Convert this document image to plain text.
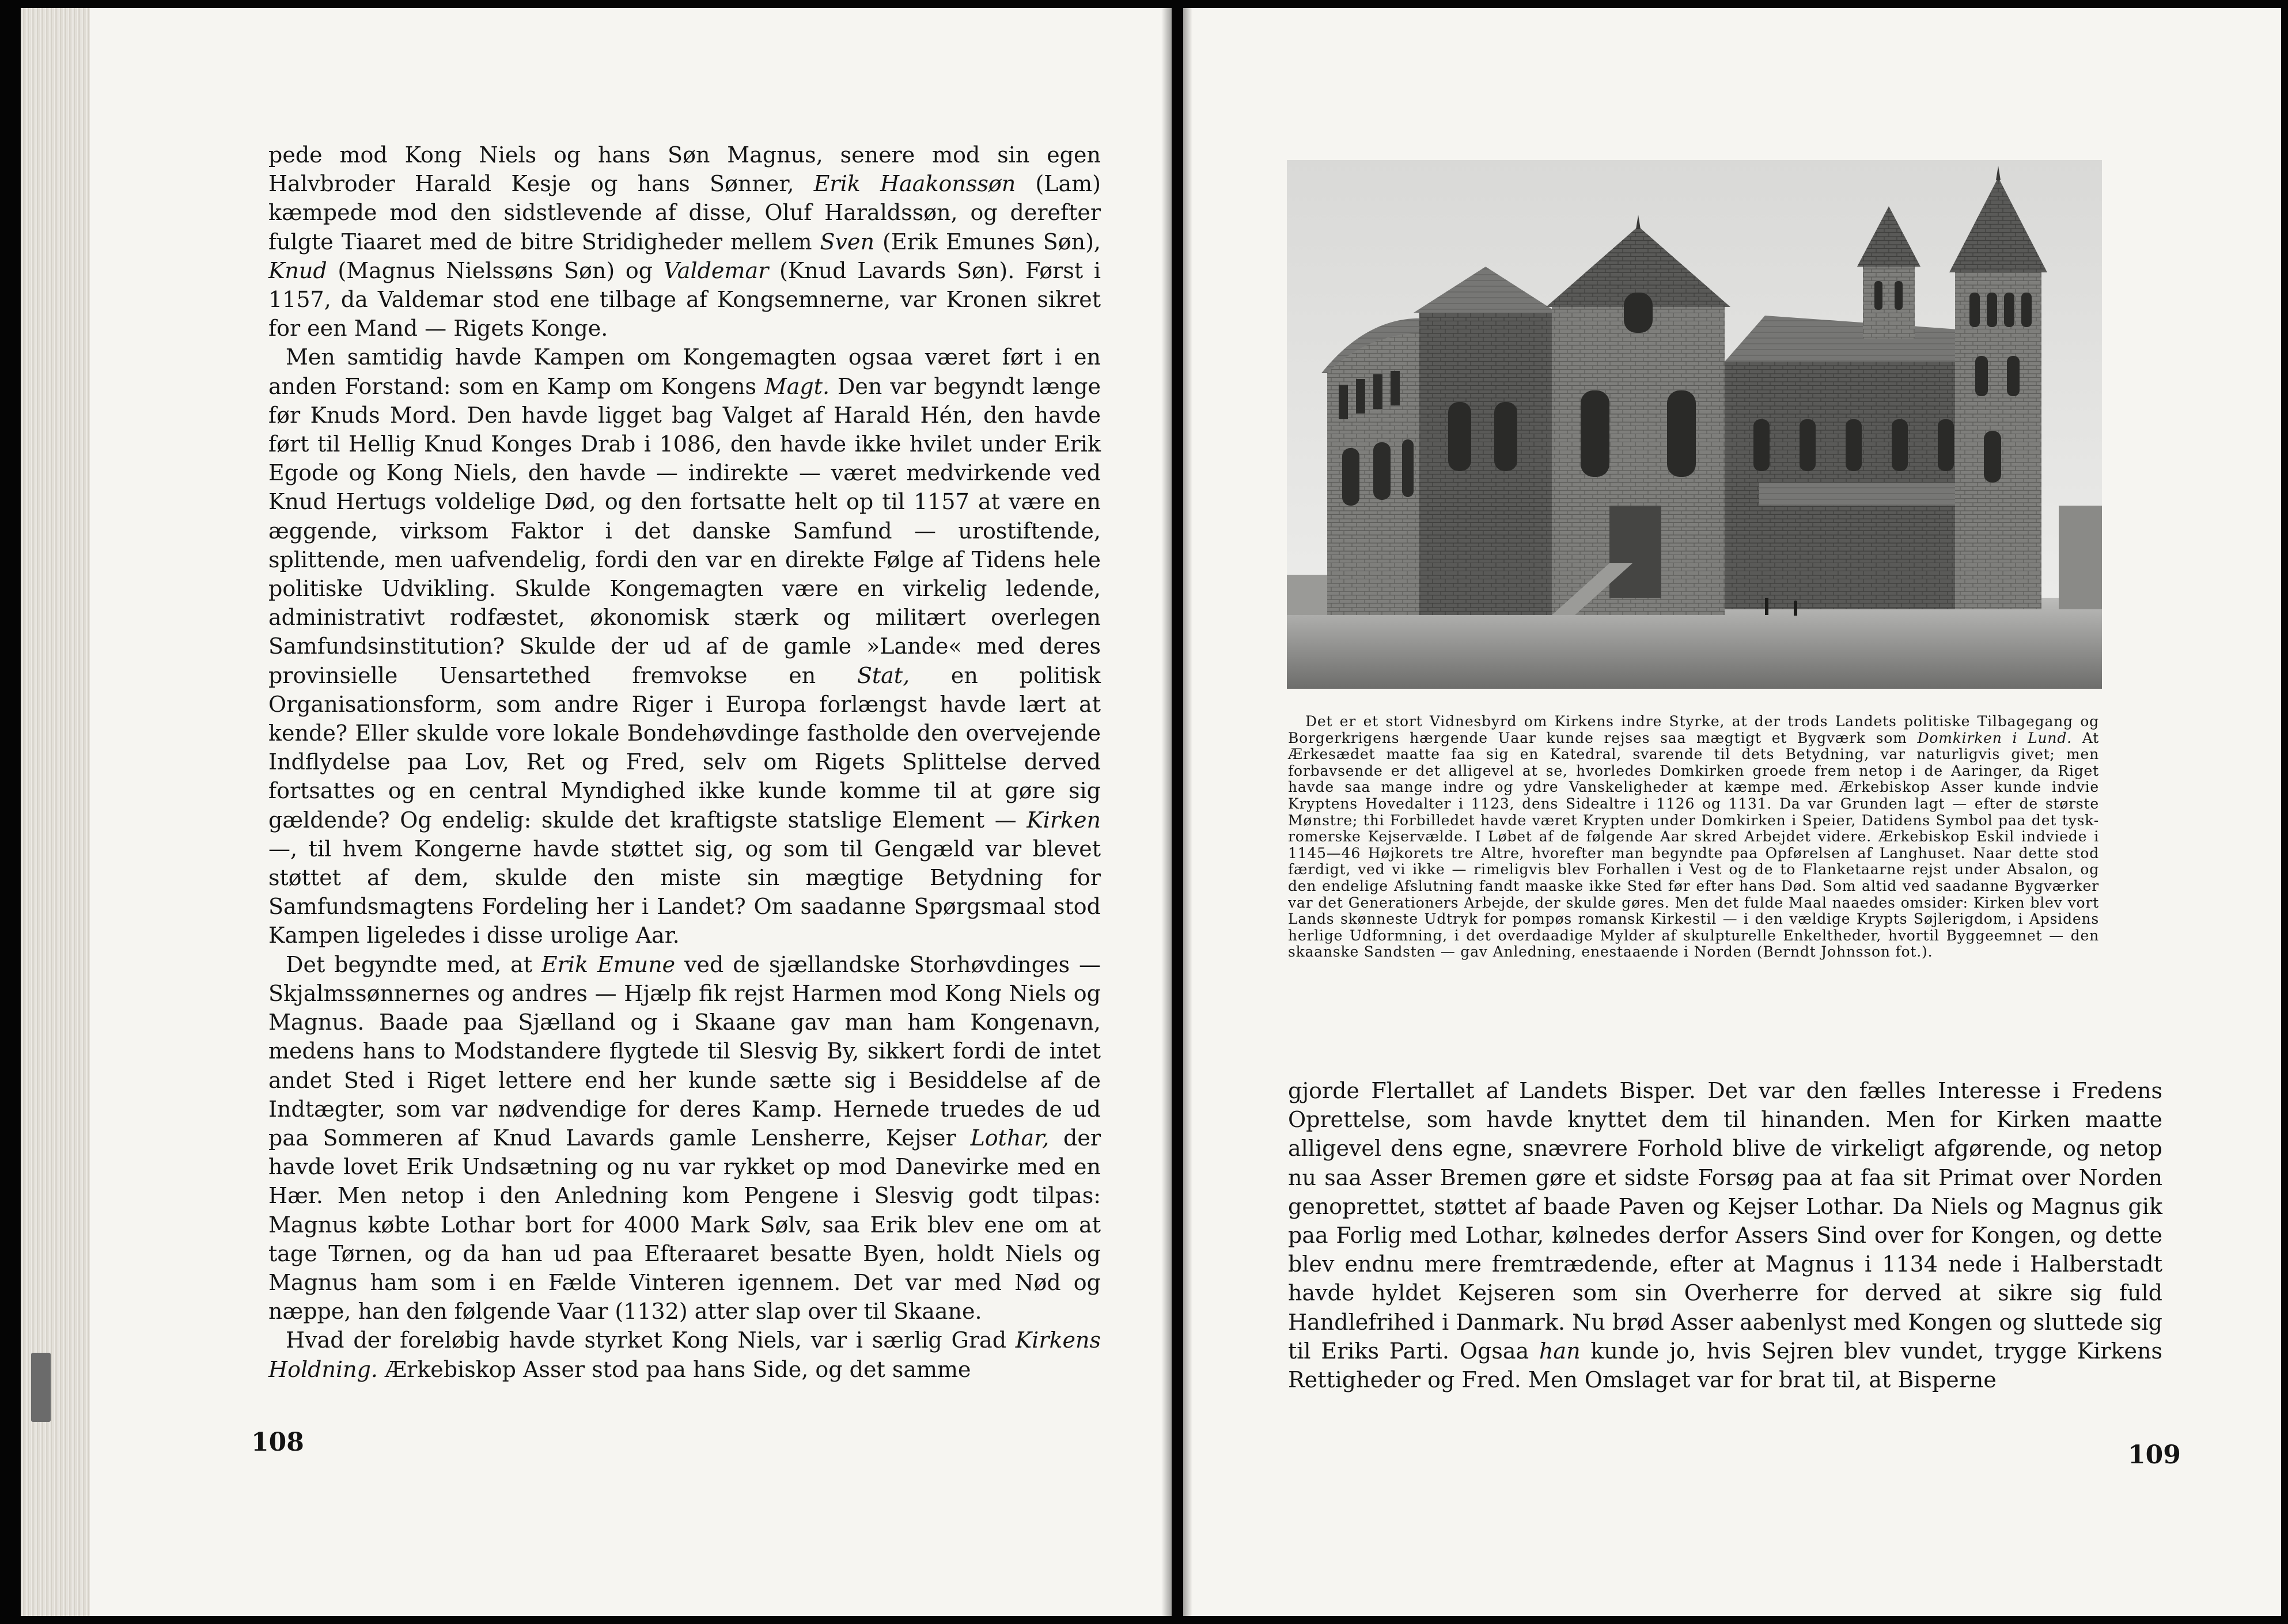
pede mod Kong Niels og hans Søn Magnus, senere mod sin egen Halvbroder Harald Kesje og hans Sønner, Erik Haakonssøn (Lam) kæmpede mod den sidstlevende af disse, Oluf Haraldssøn, og derefter fulgte Tiaaret med de bitre Stridigheder mellem Sven (Erik Emunes Søn), Knud (Magnus Nielssøns Søn) og Valdemar (Knud Lavards Søn). Først i 1157, da Valdemar stod ene tilbage af Kongsemnerne, var Kronen sikret for een Mand — Rigets Konge.

Men samtidig havde Kampen om Kongemagten ogsaa været ført i en anden Forstand: som en Kamp om Kongens Magt. Den var begyndt længe før Knuds Mord. Den havde ligget bag Valget af Harald Hén, den havde ført til Hellig Knud Konges Drab i 1086, den havde ikke hvilet under Erik Egode og Kong Niels, den havde — indirekte — været medvirkende ved Knud Hertugs voldelige Død, og den fortsatte helt op til 1157 at være en æggende, virksom Faktor i det danske Samfund — urostiftende, splittende, men uafvendelig, fordi den var en direkte Følge af Tidens hele politiske Udvikling. Skulde Kongemagten være en virkelig ledende, administrativt rodfæstet, økonomisk stærk og militært overlegen Samfundsinstitution? Skulde der ud af de gamle »Lande« med deres provinsielle Uensartethed fremvokse en Stat, en politisk Organisationsform, som andre Riger i Europa forlængst havde lært at kende? Eller skulde vore lokale Bondehøvdinge fastholde den overvejende Indflydelse paa Lov, Ret og Fred, selv om Rigets Splittelse derved fortsattes og en central Myndighed ikke kunde komme til at gøre sig gældende? Og endelig: skulde det kraftigste statslige Element — Kirken —, til hvem Kongerne havde støttet sig, og som til Gengæld var blevet støttet af dem, skulde den miste sin mægtige Betydning for Samfundsmagtens Fordeling her i Landet? Om saadanne Spørgsmaal stod Kampen ligeledes i disse urolige Aar.

Det begyndte med, at Erik Emune ved de sjællandske Storhøvdinges — Skjalmssønnernes og andres — Hjælp fik rejst Harmen mod Kong Niels og Magnus. Baade paa Sjælland og i Skaane gav man ham Kongenavn, medens hans to Modstandere flygtede til Slesvig By, sikkert fordi de intet andet Sted i Riget lettere end her kunde sætte sig i Besiddelse af de Indtægter, som var nødvendige for deres Kamp. Hernede truedes de ud paa Sommeren af Knud Lavards gamle Lensherre, Kejser Lothar, der havde lovet Erik Undsætning og nu var rykket op mod Danevirke med en Hær. Men netop i den Anledning kom Pengene i Slesvig godt tilpas: Magnus købte Lothar bort for 4000 Mark Sølv, saa Erik blev ene om at tage Tørnen, og da han ud paa Efteraaret besatte Byen, holdt Niels og Magnus ham som i en Fælde Vinteren igennem. Det var med Nød og næppe, han den følgende Vaar (1132) atter slap over til Skaane.

Hvad der foreløbig havde styrket Kong Niels, var i særlig Grad Kirkens Holdning. Ærkebiskop Asser stod paa hans Side, og det samme

108

Det er et stort Vidnesbyrd om Kirkens indre Styrke, at der trods Landets politiske Tilbagegang og Borgerkrigens hærgende Uaar kunde rejses saa mægtigt et Bygværk som Domkirken i Lund. At Ærkesædet maatte faa sig en Katedral, svarende til dets Betydning, var naturligvis givet; men forbavsende er det alligevel at se, hvorledes Domkirken groede frem netop i de Aaringer, da Riget havde saa mange indre og ydre Vanskeligheder at kæmpe med. Ærkebiskop Asser kunde indvie Kryptens Hovedalter i 1123, dens Sidealtre i 1126 og 1131. Da var Grunden lagt — efter de største Mønstre; thi Forbilledet havde været Krypten under Domkirken i Speier, Datidens Symbol paa det tysk-romerske Kejservælde. I Løbet af de følgende Aar skred Arbejdet videre. Ærkebiskop Eskil indviede i 1145—46 Højkorets tre Altre, hvorefter man begyndte paa Opførelsen af Langhuset. Naar dette stod færdigt, ved vi ikke — rimeligvis blev Forhallen i Vest og de to Flanketaarne rejst under Absalon, og den endelige Afslutning fandt maaske ikke Sted før efter hans Død. Som altid ved saadanne Bygværker var det Generationers Arbejde, der skulde gøres. Men det fulde Maal naaedes omsider: Kirken blev vort Lands skønneste Udtryk for pompøs romansk Kirkestil — i den vældige Krypts Søjlerigdom, i Apsidens herlige Udformning, i det overdaadige Mylder af skulpturelle Enkeltheder, hvortil Byggeemnet — den skaanske Sandsten — gav Anledning, enestaaende i Norden (Berndt Johnsson fot.).

gjorde Flertallet af Landets Bisper. Det var den fælles Interesse i Fredens Oprettelse, som havde knyttet dem til hinanden. Men for Kirken maatte alligevel dens egne, snævrere Forhold blive de virkeligt afgørende, og netop nu saa Asser Bremen gøre et sidste Forsøg paa at faa sit Primat over Norden genoprettet, støttet af baade Paven og Kejser Lothar. Da Niels og Magnus gik paa Forlig med Lothar, kølnedes derfor Assers Sind over for Kongen, og dette blev endnu mere fremtrædende, efter at Magnus i 1134 nede i Halberstadt havde hyldet Kejseren som sin Overherre for derved at sikre sig fuld Handlefrihed i Danmark. Nu brød Asser aabenlyst med Kongen og sluttede sig til Eriks Parti. Ogsaa han kunde jo, hvis Sejren blev vundet, trygge Kirkens Rettigheder og Fred. Men Omslaget var for brat til, at Bisperne

109
